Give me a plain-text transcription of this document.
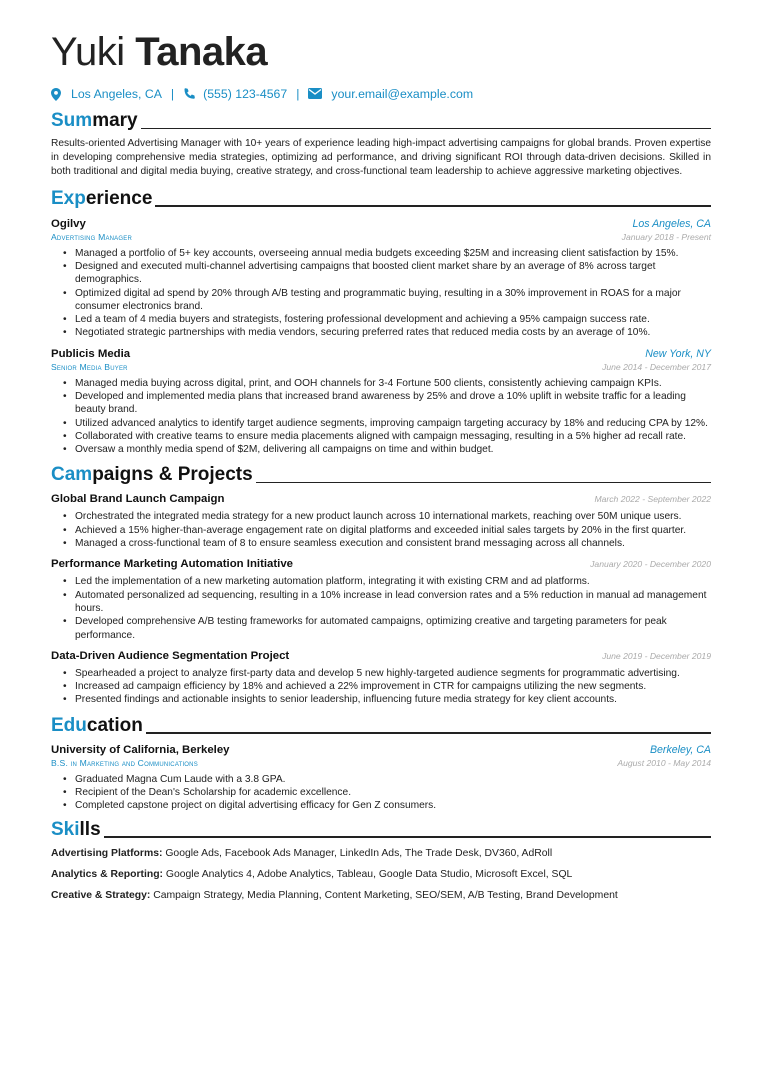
Yuki Tanaka
Los Angeles, CA | (555) 123-4567 |	your.email@example.com
Summary

Results-oriented Advertising Manager with 10+ years of experience leading high-impact advertising campaigns for global brands. Proven expertise in developing comprehensive media strategies, optimizing ad performance, and driving significant ROI through data-driven decisions. Skilled in both traditional and digital media buying, creative strategy, and cross-functional team leadership to achieve aggressive marketing objectives.

Experience
Ogilvy	Los Angeles, CA
Advertising Manager	January 2018 - Present
• Managed a portfolio of 5+ key accounts, overseeing annual media budgets exceeding $25M and increasing client satisfaction by 15%.
• Designed and executed multi-channel advertising campaigns that boosted client market share by an average of 8% across target demographics.
• Optimized digital ad spend by 20% through A/B testing and programmatic buying, resulting in a 30% improvement in ROAS for a major consumer electronics brand.
• Led a team of 4 media buyers and strategists, fostering professional development and achieving a 95% campaign success rate.
• Negotiated strategic partnerships with media vendors, securing preferred rates that reduced media costs by an average of 10%.
Publicis Media	New York, NY
Senior Media Buyer	June 2014 - December 2017
• Managed media buying across digital, print, and OOH channels for 3-4 Fortune 500 clients, consistently achieving campaign KPIs.
• Developed and implemented media plans that increased brand awareness by 25% and drove a 10% uplift in website traffic for a leading beauty brand.
• Utilized advanced analytics to identify target audience segments, improving campaign targeting accuracy by 18% and reducing CPA by 12%.
• Collaborated with creative teams to ensure media placements aligned with campaign messaging, resulting in a 5% higher ad recall rate.
• Oversaw a monthly media spend of $2M, delivering all campaigns on time and within budget.
Campaigns & Projects
Global Brand Launch Campaign	March 2022 - September 2022
• Orchestrated the integrated media strategy for a new product launch across 10 international markets, reaching over 50M unique users.
• Achieved a 15% higher-than-average engagement rate on digital platforms and exceeded initial sales targets by 20% in the first quarter.
• Managed a cross-functional team of 8 to ensure seamless execution and consistent brand messaging across all channels.
Performance Marketing Automation Initiative	January 2020 - December 2020
• Led the implementation of a new marketing automation platform, integrating it with existing CRM and ad platforms.
• Automated personalized ad sequencing, resulting in a 10% increase in lead conversion rates and a 5% reduction in manual ad management hours.
• Developed comprehensive A/B testing frameworks for automated campaigns, optimizing creative and targeting parameters for peak performance.
Data-Driven Audience Segmentation Project	June 2019 - December 2019
• Spearheaded a project to analyze first-party data and develop 5 new highly-targeted audience segments for programmatic advertising.
• Increased ad campaign efficiency by 18% and achieved a 22% improvement in CTR for campaigns utilizing the new segments.
• Presented findings and actionable insights to senior leadership, influencing future media strategy for key client accounts.
Education
University of California, Berkeley	Berkeley, CA
B.S. in Marketing and Communications	August 2010 - May 2014
• Graduated Magna Cum Laude with a 3.8 GPA.
• Recipient of the Dean's Scholarship for academic excellence.
• Completed capstone project on digital advertising efficacy for Gen Z consumers.
Skills

Advertising Platforms: Google Ads, Facebook Ads Manager, LinkedIn Ads, The Trade Desk, DV360, AdRoll

Analytics & Reporting: Google Analytics 4, Adobe Analytics, Tableau, Google Data Studio, Microsoft Excel, SQL

Creative & Strategy: Campaign Strategy, Media Planning, Content Marketing, SEO/SEM, A/B Testing, Brand Development
